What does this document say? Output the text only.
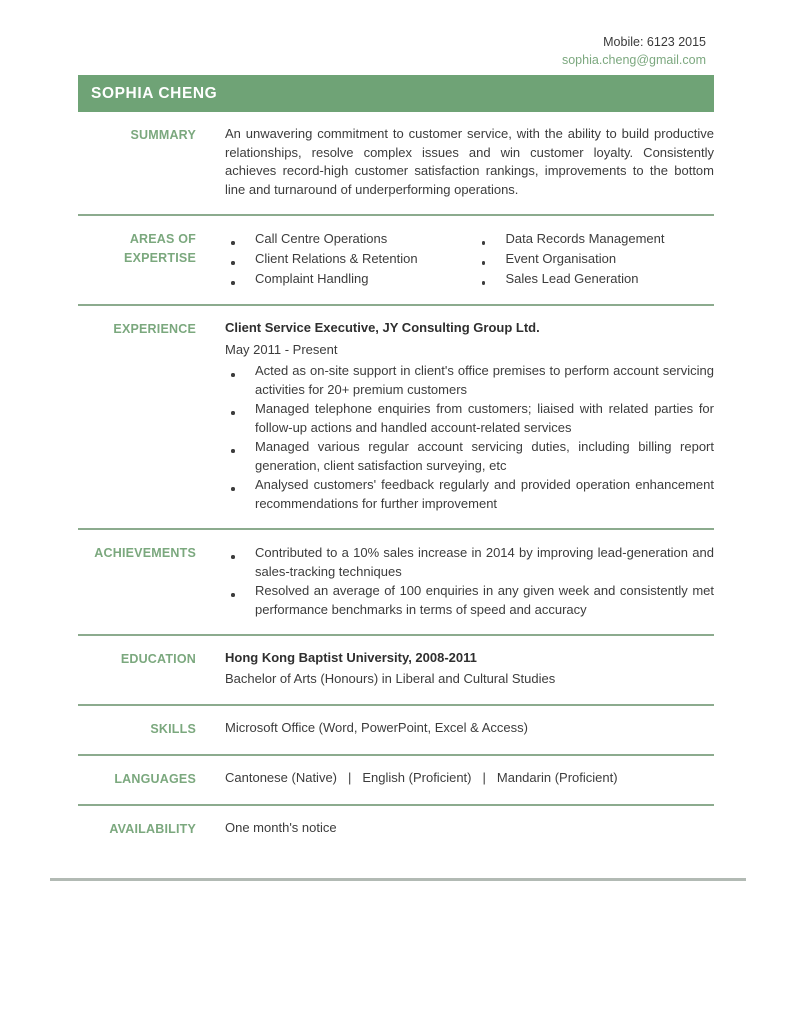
Mobile: 6123 2015
sophia.cheng@gmail.com
SOPHIA CHENG
SUMMARY An unwavering commitment to customer service, with the ability to build productive relationships, resolve complex issues and win customer loyalty. Consistently achieves record-high customer satisfaction rankings, improvements to the bottom line and turnaround of underperforming operations.
AREAS OF EXPERTISE
Call Centre Operations
Client Relations & Retention
Complaint Handling
Data Records Management
Event Organisation
Sales Lead Generation
EXPERIENCE Client Service Executive, JY Consulting Group Ltd.
May 2011 - Present
Acted as on-site support in client's office premises to perform account servicing activities for 20+ premium customers
Managed telephone enquiries from customers; liaised with related parties for follow-up actions and handled account-related services
Managed various regular account servicing duties, including billing report generation, client satisfaction surveying, etc
Analysed customers' feedback regularly and provided operation enhancement recommendations for further improvement
ACHIEVEMENTS	Contributed to a 10% sales increase in 2014 by improving lead-generation and sales-tracking techniques
Resolved an average of 100 enquiries in any given week and consistently met performance benchmarks in terms of speed and accuracy
EDUCATION Hong Kong Baptist University, 2008-2011
Bachelor of Arts (Honours) in Liberal and Cultural Studies
SKILLS Microsoft Office (Word, PowerPoint, Excel & Access)
LANGUAGES Cantonese (Native) | English (Proficient) | Mandarin (Proficient)
AVAILABILITY One month's notice
